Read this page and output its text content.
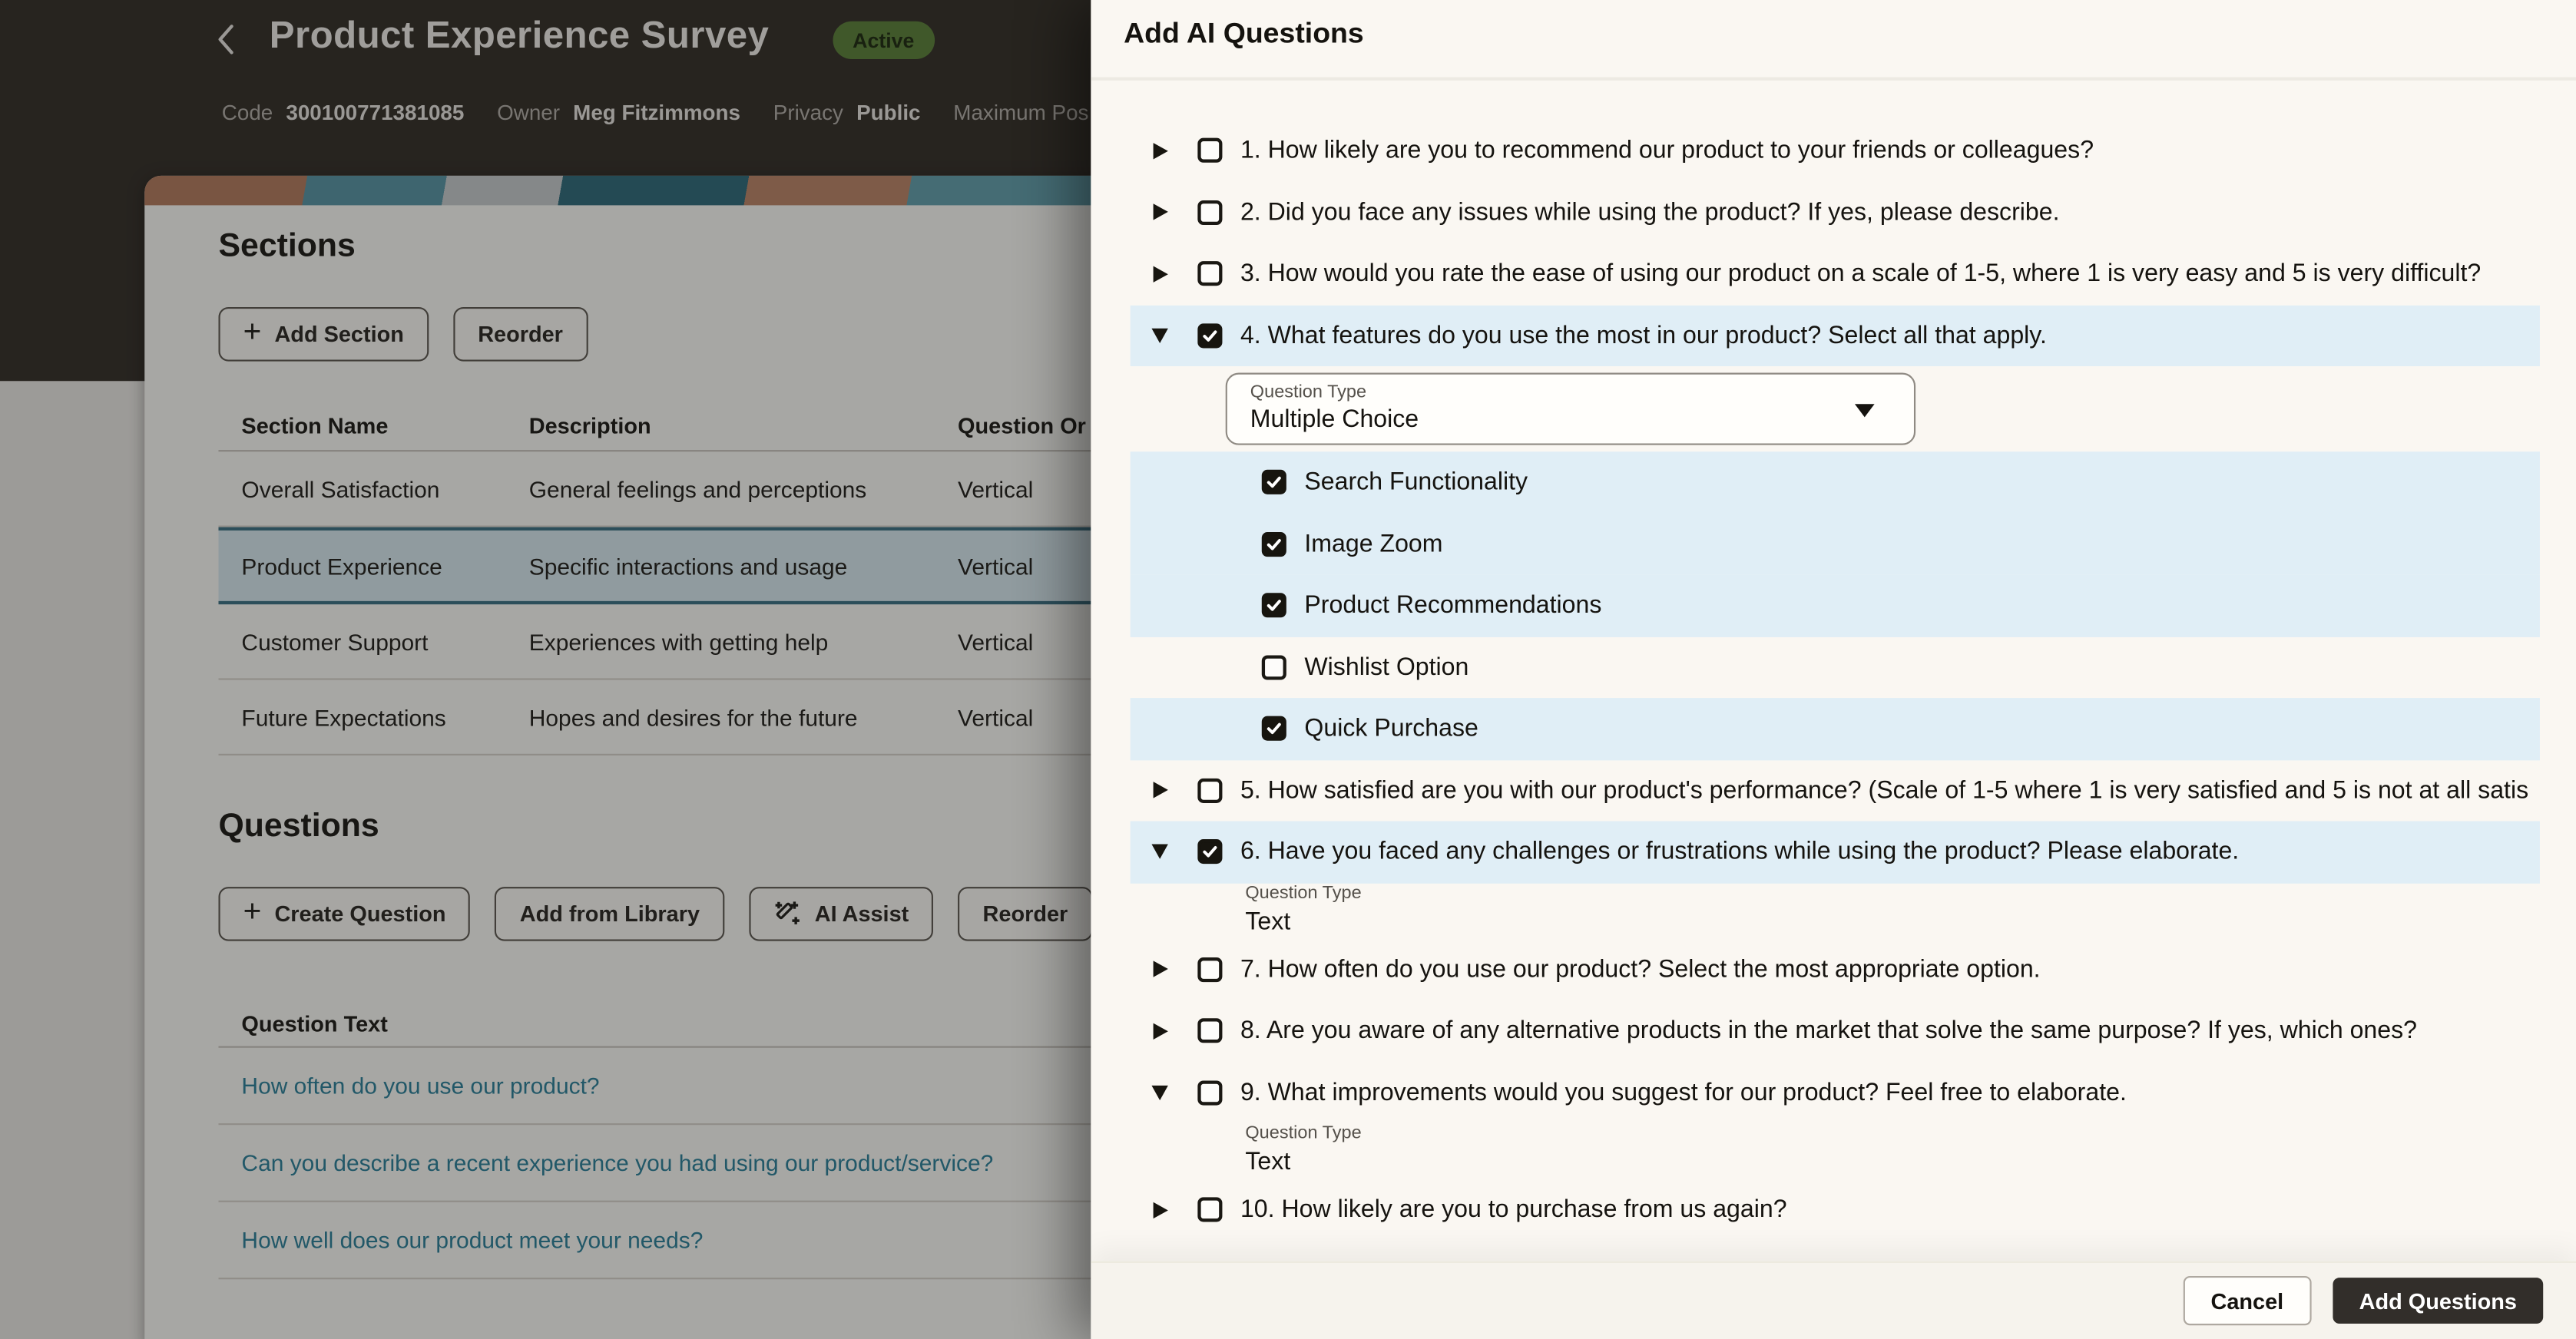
Product Experience Survey	Active
Code 300100771381085	Owner Meg Fitzimmons	Privacy Public	Maximum Pos
Sections
+ Add Section	Reorder
Section Name	Description	Question Or
Overall Satisfaction	General feelings and perceptions	Vertical
Product Experience	Specific interactions and usage	Vertical
Customer Support	Experiences with getting help	Vertical
Future Expectations	Hopes and desires for the future	Vertical
Questions
+ Create Question	Add from Library	AI Assist	Reorder
Question Text
How often do you use our product?
Can you describe a recent experience you had using our product/service?
How well does our product meet your needs?
Add AI Questions
1. How likely are you to recommend our product to your friends or colleagues?
2. Did you face any issues while using the product? If yes, please describe.
3. How would you rate the ease of using our product on a scale of 1-5, where 1 is very easy and 5 is very difficult?
4. What features do you use the most in our product? Select all that apply.
Question Type
Multiple Choice
Search Functionality
Image Zoom
Product Recommendations
Wishlist Option
Quick Purchase
5. How satisfied are you with our product's performance? (Scale of 1-5 where 1 is very satisfied and 5 is not at all satis
6. Have you faced any challenges or frustrations while using the product? Please elaborate.
Question Type
Text
7. How often do you use our product? Select the most appropriate option.
8. Are you aware of any alternative products in the market that solve the same purpose? If yes, which ones?
9. What improvements would you suggest for our product? Feel free to elaborate.
Question Type
Text
10. How likely are you to purchase from us again?
Cancel	Add Questions
